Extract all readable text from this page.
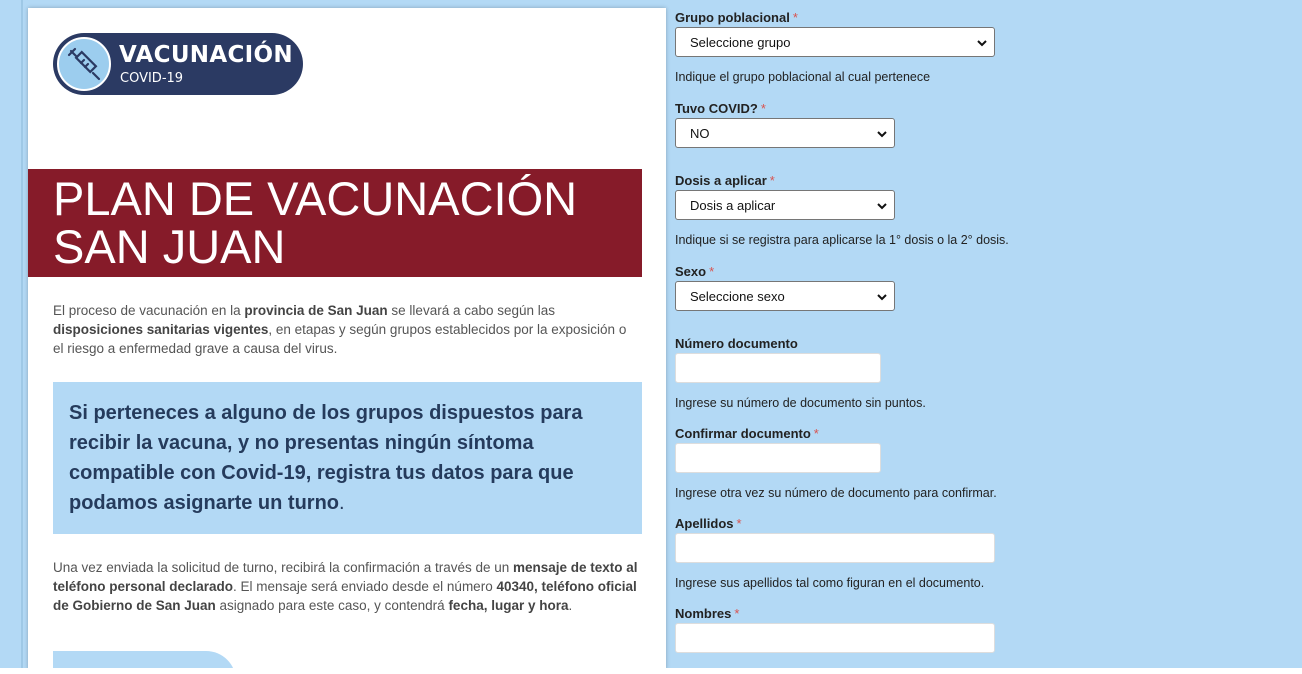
VACUNACIÓN
COVID-19
PLAN DE VACUNACIÓN
SAN JUAN

El proceso de vacunación en la provincia de San Juan se llevará a cabo según las disposiciones sanitarias vigentes, en etapas y según grupos establecidos por la exposición o el riesgo a enfermedad grave a causa del virus.

Si perteneces a alguno de los grupos dispuestos para recibir la vacuna, y no presentas ningún síntoma compatible con Covid-19, registra tus datos para que podamos asignarte un turno.

Una vez enviada la solicitud de turno, recibirá la confirmación a través de un mensaje de texto al teléfono personal declarado. El mensaje será enviado desde el número 40340, teléfono oficial de Gobierno de San Juan asignado para este caso, y contendrá fecha, lugar y hora.

Grupo poblacional *
Seleccione grupo
Indique el grupo poblacional al cual pertenece
Tuvo COVID? *
NO
Dosis a aplicar *
Dosis a aplicar
Indique si se registra para aplicarse la 1° dosis o la 2° dosis.
Sexo *
Seleccione sexo
Número documento
Ingrese su número de documento sin puntos.
Confirmar documento *
Ingrese otra vez su número de documento para confirmar.
Apellidos *
Ingrese sus apellidos tal como figuran en el documento.
Nombres *
